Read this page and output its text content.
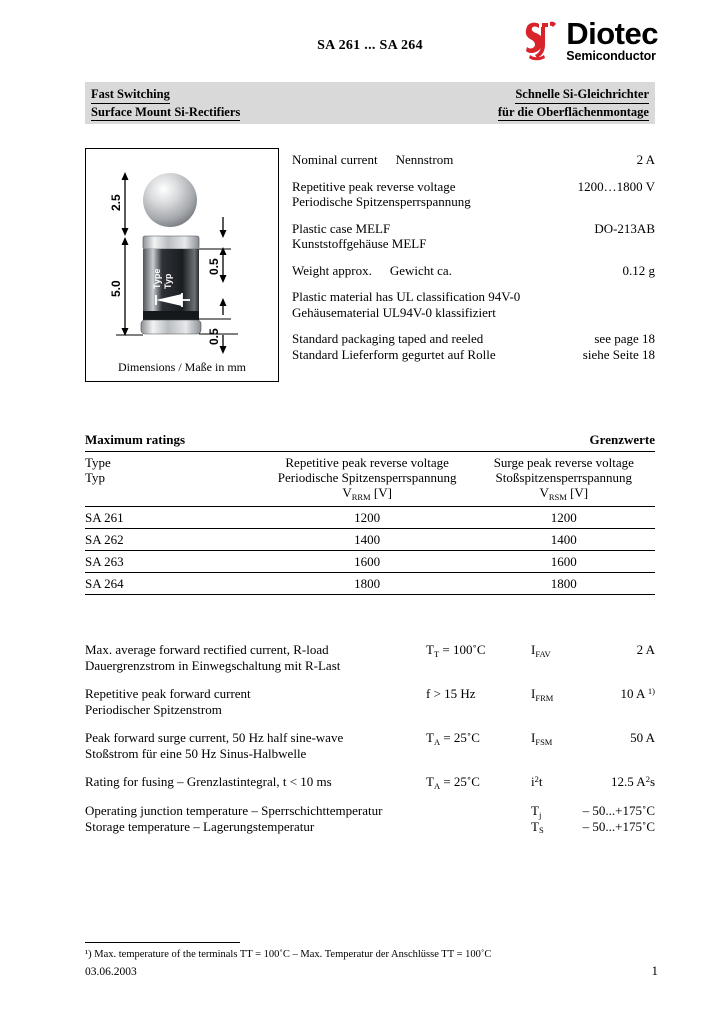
SA 261 ... SA 264	Diotec
Semiconductor
Fast Switching
Surface Mount Si-Rectifiers
Schnelle Si-Gleichrichter
für die Oberflächenmontage
Type Typ
2.5
5.0
0.5
0.5
Dimensions / Maße in mm
Nominal current Nennstrom	2 A
Repetitive peak reverse voltage
Periodische Spitzensperrspannung
1200…1800 V
Plastic case MELF
Kunststoffgehäuse MELF
DO-213AB
Weight approx. Gewicht ca.	0.12 g
Plastic material has UL classification 94V-0
Gehäusematerial UL94V-0 klassifiziert
Standard packaging taped and reeled
Standard Lieferform gegurtet auf Rolle
see page 18
siehe Seite 18
Maximum ratings	Grenzwerte
Type
Typ

Repetitive peak reverse voltage
Periodische Spitzensperrspannung
$V_{RRM}$ [V]

Surge peak reverse voltage
Stoßspitzensperrspannung
$V_{RSM}$ [V]

SA 261	1200	1200
SA 262	1400	1400
SA 263	1600	1600
SA 264	1800	1800
Max. average forward rectified current, R-load
Dauergrenzstrom in Einwegschaltung mit R-Last
$T_T$ = 100˚C	$I_{FAV}$	2 A
Repetitive peak forward current
Periodischer Spitzenstrom
f > 15 Hz	$I_{FRM}$	10 A $^{1)}$
Peak forward surge current, 50 Hz half sine-wave
Stoßstrom für eine 50 Hz Sinus-Halbwelle
$T_A$ = 25˚C	$I_{FSM}$	50 A
Rating for fusing – Grenzlastintegral, t < 10 ms	$T_A$ = 25˚C	$i^2t$	12.5 $A^2s$
Operating junction temperature – Sperrschichttemperatur
Storage temperature – Lagerungstemperatur
$T_j$	– 50...+175˚C
$T_S$	– 50...+175˚C
¹) Max. temperature of the terminals TT = 100˚C – Max. Temperatur der Anschlüsse TT = 100˚C
03.06.2003	1
